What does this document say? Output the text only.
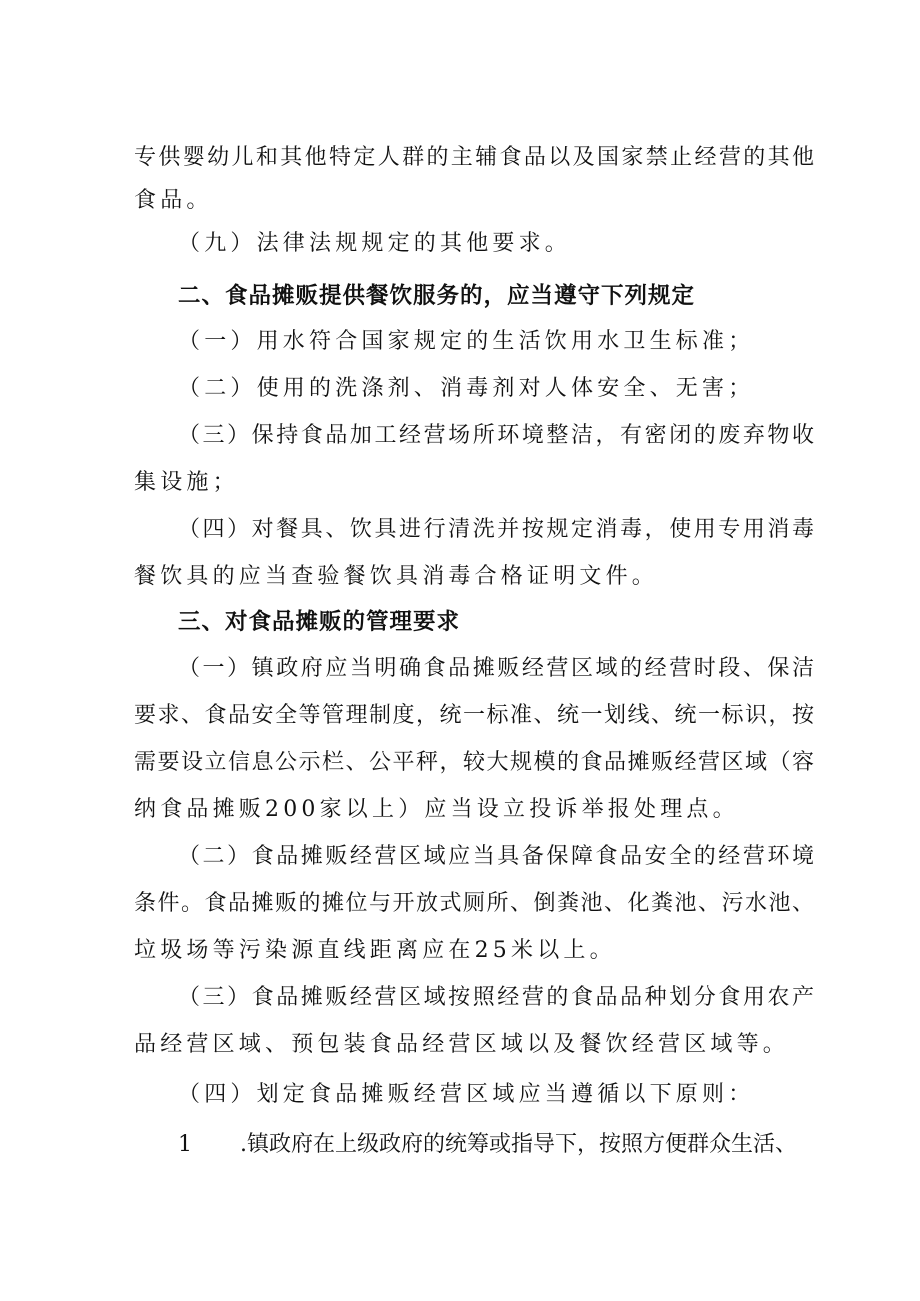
专供婴幼儿和其他特定人群的主辅食品以及国家禁止经营的其他
食品。
（九）法律法规规定的其他要求。
二、食品摊贩提供餐饮服务的，应当遵守下列规定
（一）用水符合国家规定的生活饮用水卫生标准；
（二）使用的洗涤剂、消毒剂对人体安全、无害；
（三）保持食品加工经营场所环境整洁，有密闭的废弃物收
集设施；
（四）对餐具、饮具进行清洗并按规定消毒，使用专用消毒
餐饮具的应当查验餐饮具消毒合格证明文件。
三、对食品摊贩的管理要求
（一）镇政府应当明确食品摊贩经营区域的经营时段、保洁
要求、食品安全等管理制度，统一标准、统一划线、统一标识，按
需要设立信息公示栏、公平秤，较大规模的食品摊贩经营区域（容
纳食品摊贩200家以上）应当设立投诉举报处理点。
（二）食品摊贩经营区域应当具备保障食品安全的经营环境
条件。食品摊贩的摊位与开放式厕所、倒粪池、化粪池、污水池、
垃圾场等污染源直线距离应在25米以上。
（三）食品摊贩经营区域按照经营的食品品种划分食用农产
品经营区域、预包装食品经营区域以及餐饮经营区域等。
（四）划定食品摊贩经营区域应当遵循以下原则：
1 .镇政府在上级政府的统筹或指导下，按照方便群众生活、
